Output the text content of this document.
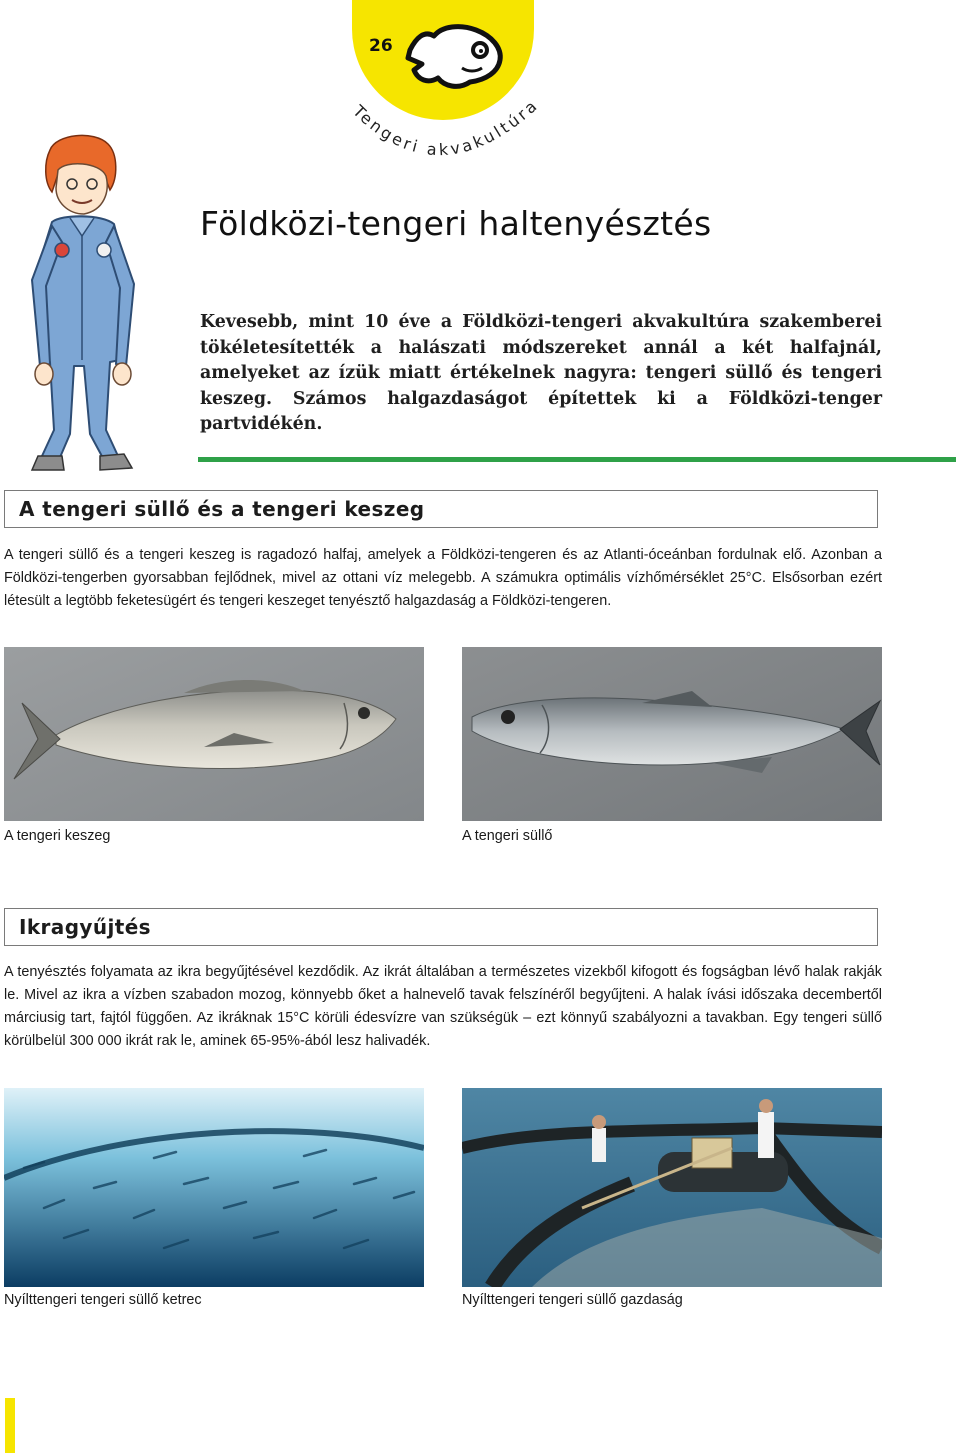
26
Tengeri akvakultúra
Földközi-tengeri haltenyésztés

Kevesebb, mint 10 éve a Földközi-tengeri akvakultúra szakemberei tökéletesítették a halászati módszereket annál a két halfajnál, amelyeket az ízük miatt értékelnek nagyra: tengeri süllő és tengeri keszeg. Számos halgazdaságot építettek ki a Földközi-tenger partvidékén.

A tengeri süllő és a tengeri keszeg

A tengeri süllő és a tengeri keszeg is ragadozó halfaj, amelyek a Földközi-tengeren és az Atlanti-óceánban fordulnak elő. Azonban a Földközi-tengerben gyorsabban fejlődnek, mivel az ottani víz melegebb. A számukra optimális vízhőmérséklet 25°C. Elsősorban ezért létesült a legtöbb feketesügért és tengeri keszeget tenyésztő halgazdaság a Földközi-tengeren.

A tengeri keszeg	A tengeri süllő
Ikragyűjtés

A tenyésztés folyamata az ikra begyűjtésével kezdődik. Az ikrát általában a természetes vizekből kifogott és fogságban lévő halak rakják le. Mivel az ikra a vízben szabadon mozog, könnyebb őket a halnevelő tavak felszínéről begyűjteni. A halak ívási időszaka decembertől márciusig tart, fajtól függően. Az ikráknak 15°C körüli édesvízre van szükségük – ezt könnyű szabályozni a tavakban. Egy tengeri süllő körülbelül 300 000 ikrát rak le, aminek 65-95%-ából lesz halivadék.

Nyílttengeri tengeri süllő ketrec	Nyílttengeri tengeri süllő gazdaság
